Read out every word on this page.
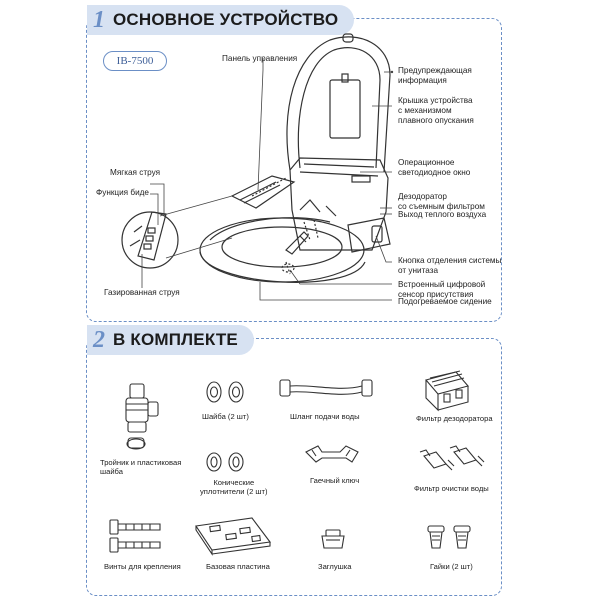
1 ОСНОВНОЕ УСТРОЙСТВО
IB-7500	Панель управления
Предупреждающая
информация
Крышка устройства
с механизмом
плавного опускания
Операционное
светодиодное окно
Дезодоратор
со съемным фильтром
Выход теплого воздуха
Мягкая струя
Функция биде
Газированная струя
Кнопка отделения системы
от унитаза
Встроенный цифровой
сенсор присутствия
Подогреваемое сидение
2 В КОМПЛЕКТЕ
Тройник и пластиковая
шайба
Шайба (2 шт)	Шланг подачи воды	Фильтр дезодоратора
Конические
уплотнители (2 шт)
Гаечный ключ
Фильтр очистки воды
Винты для крепления	Базовая пластина	Заглушка	Гайки (2 шт)
